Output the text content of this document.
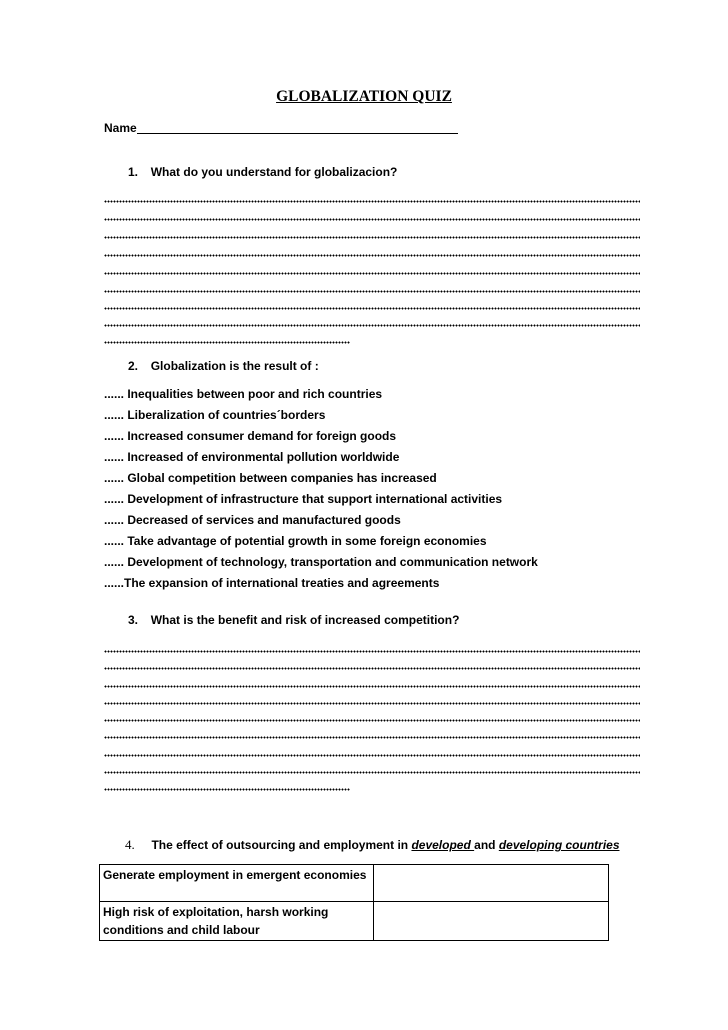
GLOBALIZATION QUIZ
Name
1. What do you understand for globalizacion?
2. Globalization is the result of :
...... Inequalities between poor and rich countries
...... Liberalization of countries´borders
...... Increased consumer demand for foreign goods
...... Increased of environmental pollution worldwide
...... Global competition between companies has increased
...... Development of infrastructure that support international activities
...... Decreased of services and manufactured goods
...... Take advantage of potential growth in some foreign economies
...... Development of technology, transportation and communication network
......The expansion of international treaties and agreements
3. What is the benefit and risk of increased competition?
4. The effect of outsourcing and employment in developed and developing countries
Generate employment in emergent economies	
High risk of exploitation, harsh working conditions and child labour	
